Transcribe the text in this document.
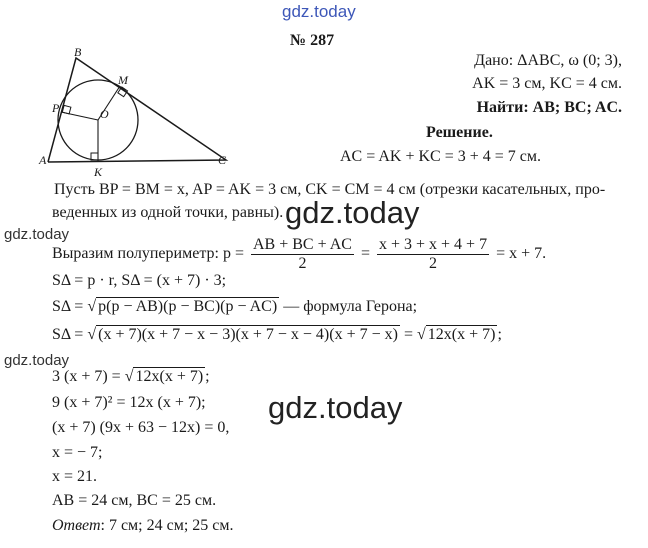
gdz.today
B
M
P	O
A
K
C
№ 287
Дано: ΔABC, ω (0; 3),
AK = 3 см, KC = 4 см.
Найти: AB; BC; AC.
Решение.
AC = AK + KC = 3 + 4 = 7 см.
Пусть BP = BM = x, AP = AK = 3 см, CK = CM = 4 см (отрезки касательных, про-
веденных из одной точки, равны). gdz.today
gdz.today
Выразим полупериметр: $p = \frac{AB + BC + AC}{2} = \frac{x + 3 + x + 4 + 7}{2} = x + 7$.
SΔ = p · r, SΔ = (x + 7) · 3;
SΔ = √ p(p − AB)(p − BC)(p − AC) — формула Герона;
SΔ = √ (x + 7)(x + 7 − x − 3)(x + 7 − x − 4)(x + 7 − x) = √ 12x(x + 7) ;
gdz.today
3 (x + 7) = √ 12x(x + 7) ;
9 (x + 7)² = 12x (x + 7); gdz.today
(x + 7) (9x + 63 − 12x) = 0,
x = − 7;
x = 21.
AB = 24 см, BC = 25 см.
Ответ: 7 см; 24 см; 25 см.
